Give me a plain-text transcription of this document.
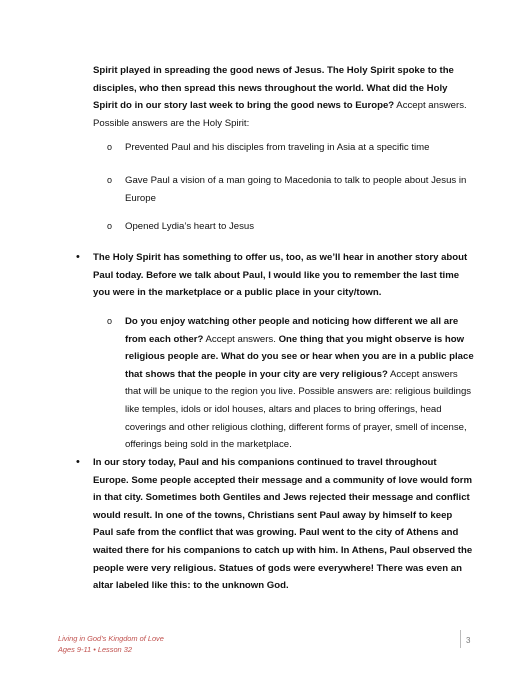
Spirit played in spreading the good news of Jesus. The Holy Spirit spoke to the disciples, who then spread this news throughout the world. What did the Holy Spirit do in our story last week to bring the good news to Europe? Accept answers. Possible answers are the Holy Spirit:
o Prevented Paul and his disciples from traveling in Asia at a specific time
o Gave Paul a vision of a man going to Macedonia to talk to people about Jesus in Europe
o Opened Lydia’s heart to Jesus
• The Holy Spirit has something to offer us, too, as we’ll hear in another story about Paul today. Before we talk about Paul, I would like you to remember the last time you were in the marketplace or a public place in your city/town.
o Do you enjoy watching other people and noticing how different we all are from each other? Accept answers. One thing that you might observe is how religious people are. What do you see or hear when you are in a public place that shows that the people in your city are very religious? Accept answers that will be unique to the region you live. Possible answers are: religious buildings like temples, idols or idol houses, altars and places to bring offerings, head coverings and other religious clothing, different forms of prayer, smell of incense, offerings being sold in the marketplace.
• In our story today, Paul and his companions continued to travel throughout Europe. Some people accepted their message and a community of love would form in that city. Sometimes both Gentiles and Jews rejected their message and conflict would result. In one of the towns, Christians sent Paul away by himself to keep Paul safe from the conflict that was growing. Paul went to the city of Athens and waited there for his companions to catch up with him. In Athens, Paul observed the people were very religious. Statues of gods were everywhere! There was even an altar labeled like this: to the unknown God.
Living in God’s Kingdom of Love
Ages 9-11 • Lesson 32
3
